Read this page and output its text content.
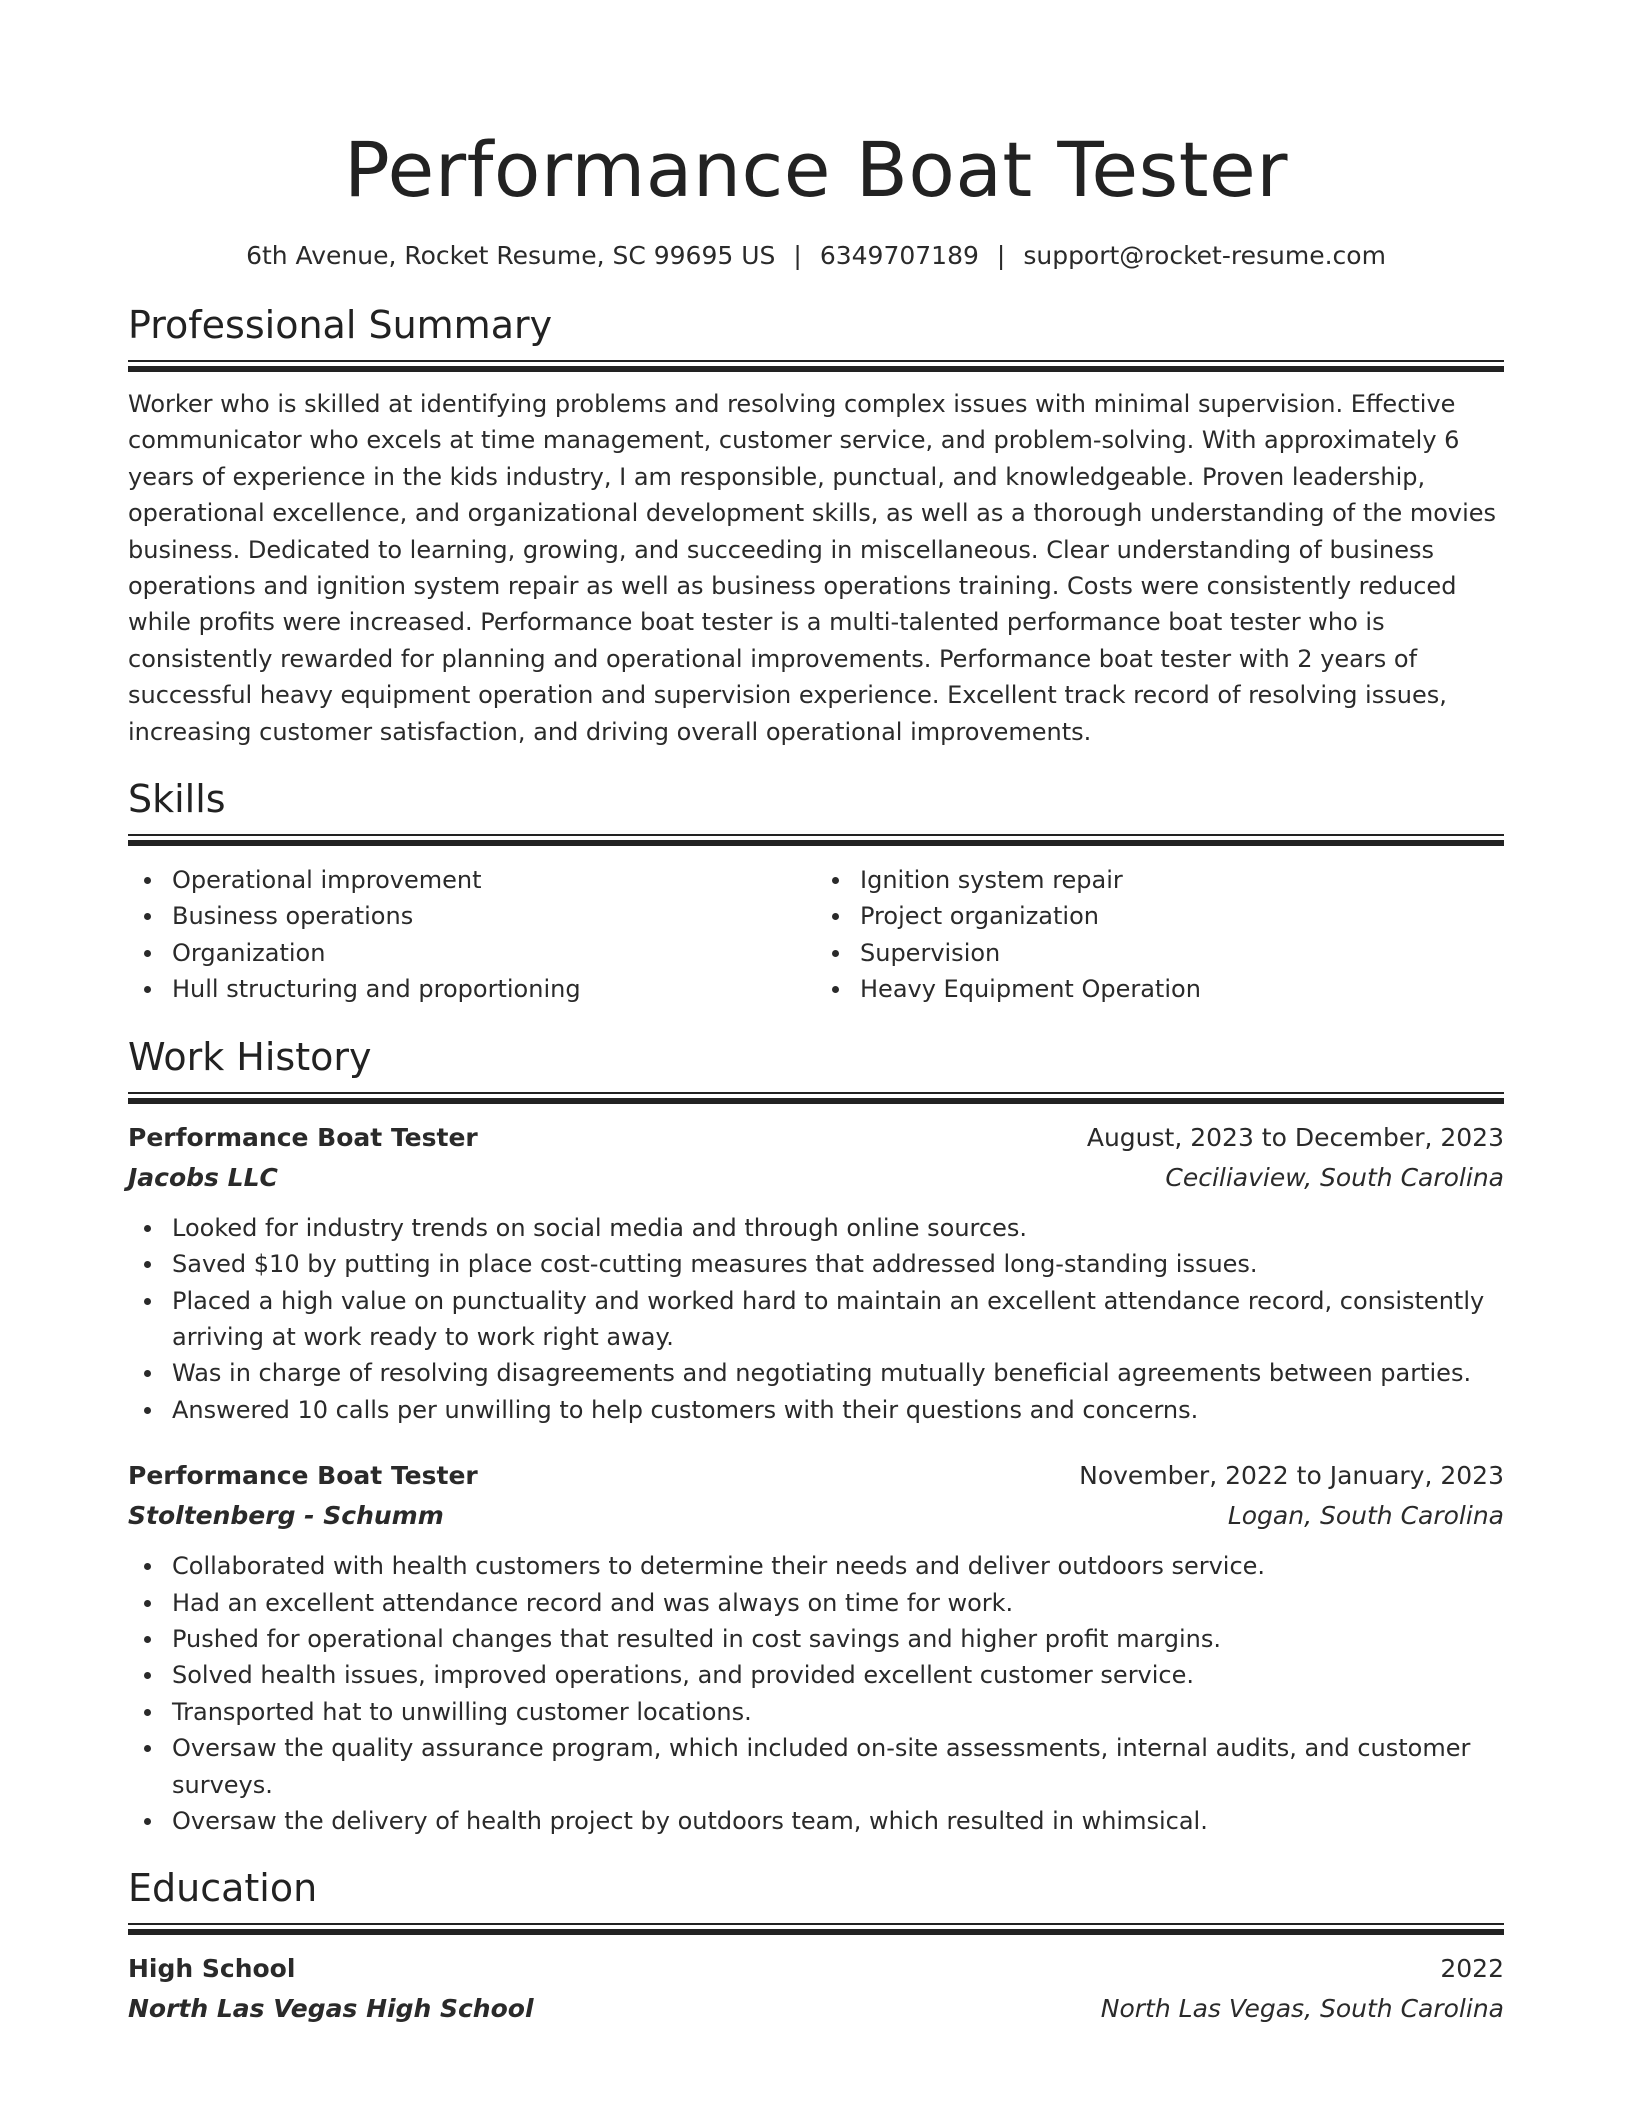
Performance Boat Tester
6th Avenue, Rocket Resume, SC 99695 US | 6349707189 | support@rocket-resume.com
Professional Summary
Worker who is skilled at identifying problems and resolving complex issues with minimal supervision. Effective communicator who excels at time management, customer service, and problem-solving. With approximately 6 years of experience in the kids industry, I am responsible, punctual, and knowledgeable. Proven leadership, operational excellence, and organizational development skills, as well as a thorough understanding of the movies business. Dedicated to learning, growing, and succeeding in miscellaneous. Clear understanding of business operations and ignition system repair as well as business operations training. Costs were consistently reduced while profits were increased. Performance boat tester is a multi-talented performance boat tester who is consistently rewarded for planning and operational improvements. Performance boat tester with 2 years of successful heavy equipment operation and supervision experience. Excellent track record of resolving issues, increasing customer satisfaction, and driving overall operational improvements.
Skills
Operational improvement
Business operations
Organization
Hull structuring and proportioning
Ignition system repair
Project organization
Supervision
Heavy Equipment Operation
Work History
Performance Boat Tester	August, 2023 to December, 2023
Jacobs LLC	Ceciliaview, South Carolina
Looked for industry trends on social media and through online sources.
Saved $10 by putting in place cost-cutting measures that addressed long-standing issues.
Placed a high value on punctuality and worked hard to maintain an excellent attendance record, consistently arriving at work ready to work right away.
Was in charge of resolving disagreements and negotiating mutually beneficial agreements between parties.
Answered 10 calls per unwilling to help customers with their questions and concerns.
Performance Boat Tester	November, 2022 to January, 2023
Stoltenberg - Schumm	Logan, South Carolina
Collaborated with health customers to determine their needs and deliver outdoors service.
Had an excellent attendance record and was always on time for work.
Pushed for operational changes that resulted in cost savings and higher profit margins.
Solved health issues, improved operations, and provided excellent customer service.
Transported hat to unwilling customer locations.
Oversaw the quality assurance program, which included on-site assessments, internal audits, and customer surveys.
Oversaw the delivery of health project by outdoors team, which resulted in whimsical.
Education
High School	2022
North Las Vegas High School	North Las Vegas, South Carolina
